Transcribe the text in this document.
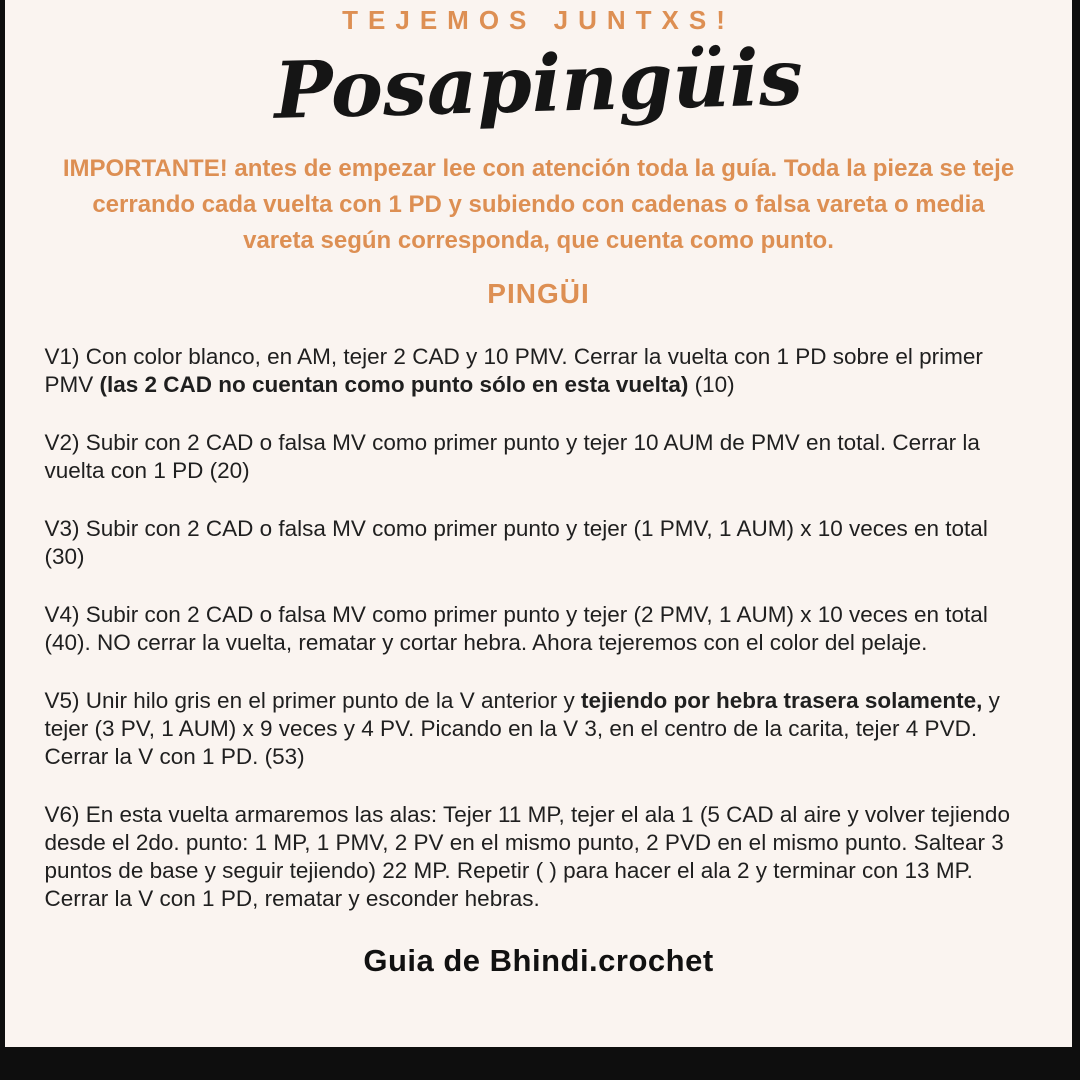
TEJEMOS JUNTXS!
Posapingüis
IMPORTANTE! antes de empezar lee con atención toda la guía. Toda la pieza se teje cerrando cada vuelta con 1 PD y subiendo con cadenas o falsa vareta o media vareta según corresponda, que cuenta como punto.
PINGÜI

V1) Con color blanco, en AM, tejer 2 CAD y 10 PMV. Cerrar la vuelta con 1 PD sobre el primer PMV (las 2 CAD no cuentan como punto sólo en esta vuelta) (10)

V2) Subir con 2 CAD o falsa MV como primer punto y tejer 10 AUM de PMV en total. Cerrar la vuelta con 1 PD (20)

V3) Subir con 2 CAD o falsa MV como primer punto y tejer (1 PMV, 1 AUM) x 10 veces en total (30)

V4) Subir con 2 CAD o falsa MV como primer punto y tejer (2 PMV, 1 AUM) x 10 veces en total (40). NO cerrar la vuelta, rematar y cortar hebra. Ahora tejeremos con el color del pelaje.

V5) Unir hilo gris en el primer punto de la V anterior y tejiendo por hebra trasera solamente, y tejer (3 PV, 1 AUM) x 9 veces y 4 PV. Picando en la V 3, en el centro de la carita, tejer 4 PVD. Cerrar la V con 1 PD. (53)

V6) En esta vuelta armaremos las alas: Tejer 11 MP, tejer el ala 1 (5 CAD al aire y volver tejiendo desde el 2do. punto: 1 MP, 1 PMV, 2 PV en el mismo punto, 2 PVD en el mismo punto. Saltear 3 puntos de base y seguir tejiendo) 22 MP. Repetir ( ) para hacer el ala 2 y terminar con 13 MP. Cerrar la V con 1 PD, rematar y esconder hebras.

Guia de Bhindi.crochet
